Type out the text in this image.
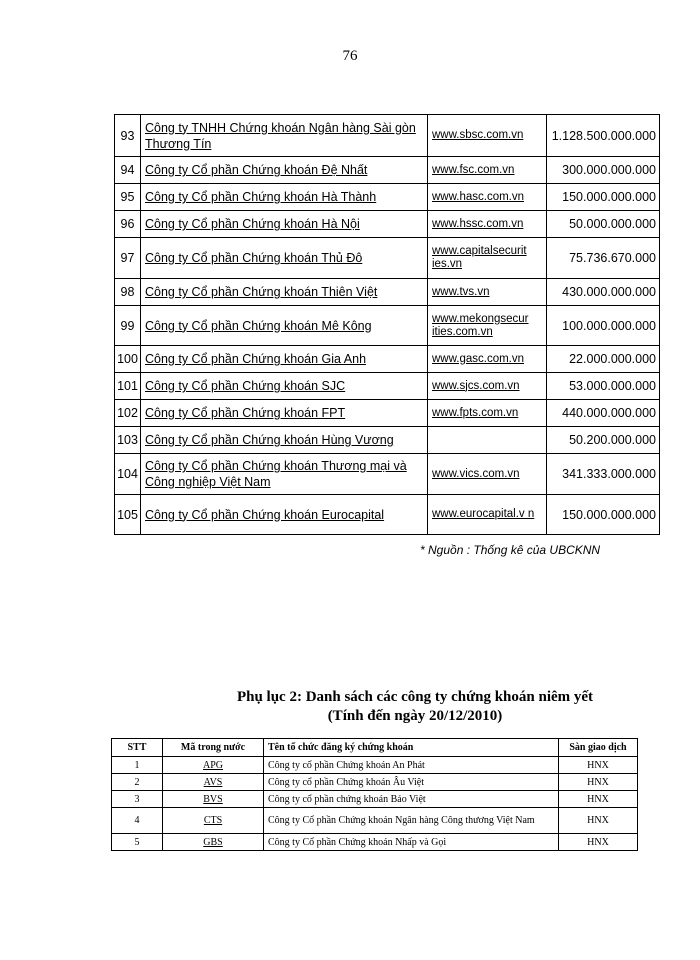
76
93	Công ty TNHH Chứng khoán Ngân hàng Sài gòn Thương Tín	www.sbsc.com.vn	1.128.500.000.000
94	Công ty Cổ phần Chứng khoán Đệ Nhất	www.fsc.com.vn	300.000.000.000
95	Công ty Cổ phần Chứng khoán Hà Thành	www.hasc.com.vn	150.000.000.000
96	Công ty Cổ phần Chứng khoán Hà Nội	www.hssc.com.vn	50.000.000.000
97	Công ty Cổ phần Chứng khoán Thủ Đô	www.capitalsecurit ies.vn	75.736.670.000
98	Công ty Cổ phần Chứng khoán Thiên Việt	www.tvs.vn	430.000.000.000
99	Công ty Cổ phần Chứng khoán Mê Kông	www.mekongsecur ities.com.vn	100.000.000.000
100	Công ty Cổ phần Chứng khoán Gia Anh	www.gasc.com.vn	22.000.000.000
101	Công ty Cổ phần Chứng khoán SJC	www.sjcs.com.vn	53.000.000.000
102	Công ty Cổ phần Chứng khoán FPT	www.fpts.com.vn	440.000.000.000
103	Công ty Cổ phần Chứng khoán Hùng Vương		50.200.000.000
104	Công ty Cổ phần Chứng khoán Thương mại và Công nghiệp Việt Nam	www.vics.com.vn	341.333.000.000
105	Công ty Cổ phần Chứng khoán Eurocapital	www.eurocapital.v n	150.000.000.000
* Nguồn : Thống kê của UBCKNN
Phụ lục 2: Danh sách các công ty chứng khoán niêm yết
(Tính đến ngày 20/12/2010)
STT	Mã trong nước	Tên tổ chức đăng ký chứng khoán	Sàn giao dịch
1	APG	Công ty cổ phần Chứng khoán An Phát	HNX
2	AVS	Công ty cổ phần Chứng khoán Âu Việt	HNX
3	BVS	Công ty cổ phần chứng khoán Bảo Việt	HNX
4	CTS	Công ty Cổ phần Chứng khoán Ngân hàng Công thương Việt Nam	HNX
5	GBS	Công ty Cổ phần Chứng khoán Nhấp và Gọi	HNX
